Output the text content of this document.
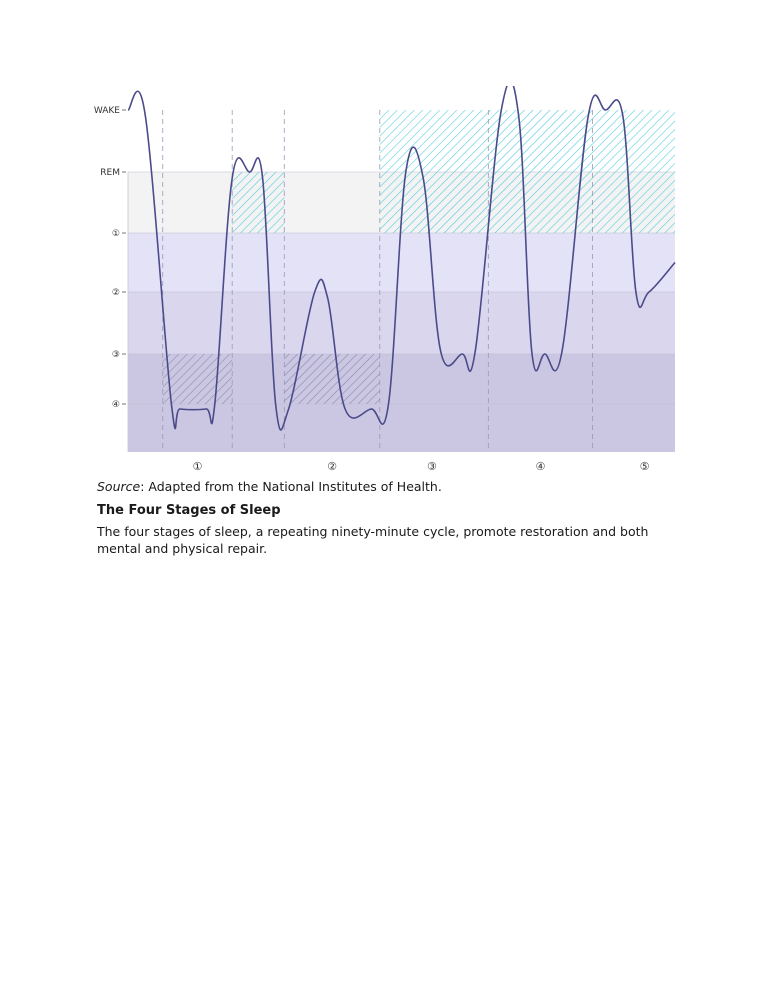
WAKE
REM
①
②
③
④
①	②	③	④	⑤
Source: Adapted from the National Institutes of Health.
The Four Stages of Sleep
The four stages of sleep, a repeating ninety-minute cycle, promote restoration and both mental and physical repair.
